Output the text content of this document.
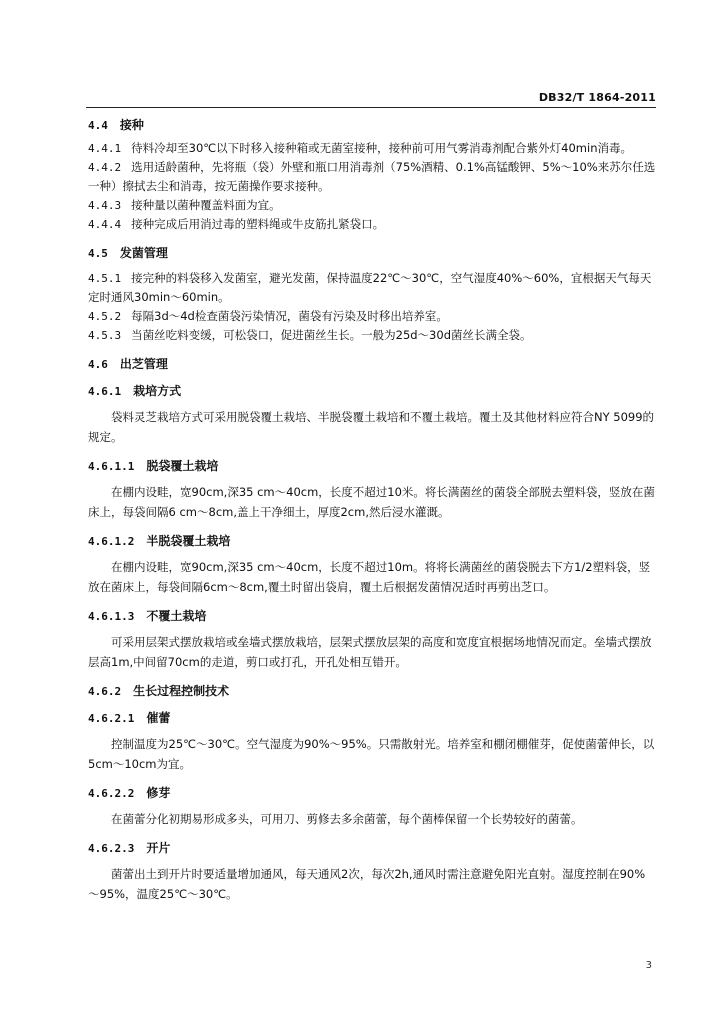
DB32/T 1864-2011
4.4 接种

4.4.1 待料冷却至30℃以下时移入接种箱或无菌室接种，接种前可用气雾消毒剂配合紫外灯40min消毒。

4.4.2 选用适龄菌种，先将瓶（袋）外壁和瓶口用消毒剂（75%酒精、0.1%高锰酸钾、5%～10%来苏尔任选一种）擦拭去尘和消毒，按无菌操作要求接种。

4.4.3 接种量以菌种覆盖料面为宜。

4.4.4 接种完成后用消过毒的塑料绳或牛皮筋扎紧袋口。

4.5 发菌管理

4.5.1 接完种的料袋移入发菌室，避光发菌，保持温度22℃～30℃，空气湿度40%～60%，宜根据天气每天定时通风30min～60min。

4.5.2 每隔3d～4d检查菌袋污染情况，菌袋有污染及时移出培养室。

4.5.3 当菌丝吃料变缓，可松袋口，促进菌丝生长。一般为25d～30d菌丝长满全袋。

4.6 出芝管理
4.6.1 栽培方式

袋料灵芝栽培方式可采用脱袋覆土栽培、半脱袋覆土栽培和不覆土栽培。覆土及其他材料应符合NY 5099的规定。

4.6.1.1 脱袋覆土栽培

在棚内设畦，宽90cm,深35 cm～40cm，长度不超过10米。将长满菌丝的菌袋全部脱去塑料袋，竖放在菌床上，每袋间隔6 cm～8cm,盖上干净细土，厚度2cm,然后浸水灌溉。

4.6.1.2 半脱袋覆土栽培

在棚内设畦，宽90cm,深35 cm～40cm，长度不超过10m。将将长满菌丝的菌袋脱去下方1/2塑料袋，竖放在菌床上，每袋间隔6cm～8cm,覆土时留出袋肩，覆土后根据发菌情况适时再剪出芝口。

4.6.1.3 不覆土栽培

可采用层架式摆放栽培或垒墙式摆放栽培，层架式摆放层架的高度和宽度宜根据场地情况而定。垒墙式摆放层高1m,中间留70cm的走道，剪口或打孔，开孔处相互错开。

4.6.2 生长过程控制技术
4.6.2.1 催蕾

控制温度为25℃～30℃。空气湿度为90%～95%。只需散射光。培养室和棚闭棚催芽，促使菌蕾伸长，以5cm～10cm为宜。

4.6.2.2 修芽

在菌蕾分化初期易形成多头，可用刀、剪修去多余菌蕾，每个菌棒保留一个长势较好的菌蕾。

4.6.2.3 开片

菌蕾出土到开片时要适量增加通风，每天通风2次，每次2h,通风时需注意避免阳光直射。湿度控制在90%～95%，温度25℃～30℃。

3
